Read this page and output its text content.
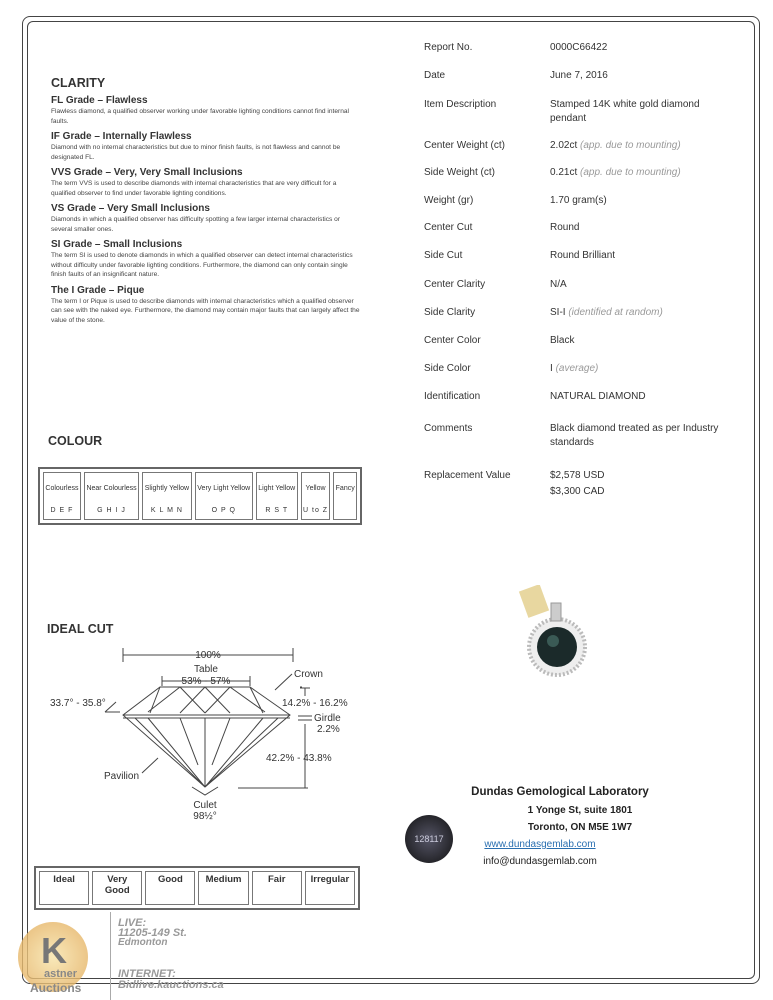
CLARITY
FL Grade – Flawless

Flawless diamond, a qualified observer working under favorable lighting conditions cannot find internal faults.

IF Grade – Internally Flawless

Diamond with no internal characteristics but due to minor finish faults, is not flawless and cannot be designated FL.

VVS Grade – Very, Very Small Inclusions

The term VVS is used to describe diamonds with internal characteristics that are very difficult for a qualified observer to find under favorable lighting conditions.

VS Grade – Very Small Inclusions

Diamonds in which a qualified observer has difficulty spotting a few larger internal characteristics or several smaller ones.

SI Grade – Small Inclusions

The term SI is used to denote diamonds in which a qualified observer can detect internal characteristics without difficulty under favorable lighting conditions. Furthermore, the diamond can only contain single finish faults of an insignificant nature.

The I Grade – Pique

The term I or Pique is used to describe diamonds with internal characteristics which a qualified observer can see with the naked eye. Furthermore, the diamond may contain major faults that can largely affect the value of the stone.

COLOUR
Colourless
D E F

Near Colourless
G H I J

Slightly Yellow
K L M N

Very Light Yellow
O P Q

Light Yellow
R S T

Yellow
U to Z

Fancy
IDEAL CUT
100%
Table
53% - 57%
Crown
33.7° - 35.8°	14.2% - 16.2%
Girdle
2.2%
42.2% - 43.8%
Pavilion
Culet
98½°
Ideal	Very Good	Good	Medium	Fair	Irregular
Report No.	0000C66422
Date	June 7, 2016
Item Description	Stamped 14K white gold diamond pendant
Center Weight (ct)	2.02ct (app. due to mounting)
Side Weight (ct)	0.21ct (app. due to mounting)
Weight (gr)	1.70 gram(s)
Center Cut	Round
Side Cut	Round Brilliant
Center Clarity	N/A
Side Clarity	SI-I (identified at random)
Center Color	Black
Side Color	I (average)
Identification	NATURAL DIAMOND
Comments	Black diamond treated as per Industry standards
Replacement Value	$2,578 USD
$3,300 CAD
Dundas Gemological Laboratory
1 Yonge St, suite 1801
Toronto, ON M5E 1W7
www.dundasgemlab.com
info@dundasgemlab.com
128117
K
astner
Auctions
LIVE:
11205-149 St.
Edmonton
INTERNET:
Bidlive.kauctions.ca
